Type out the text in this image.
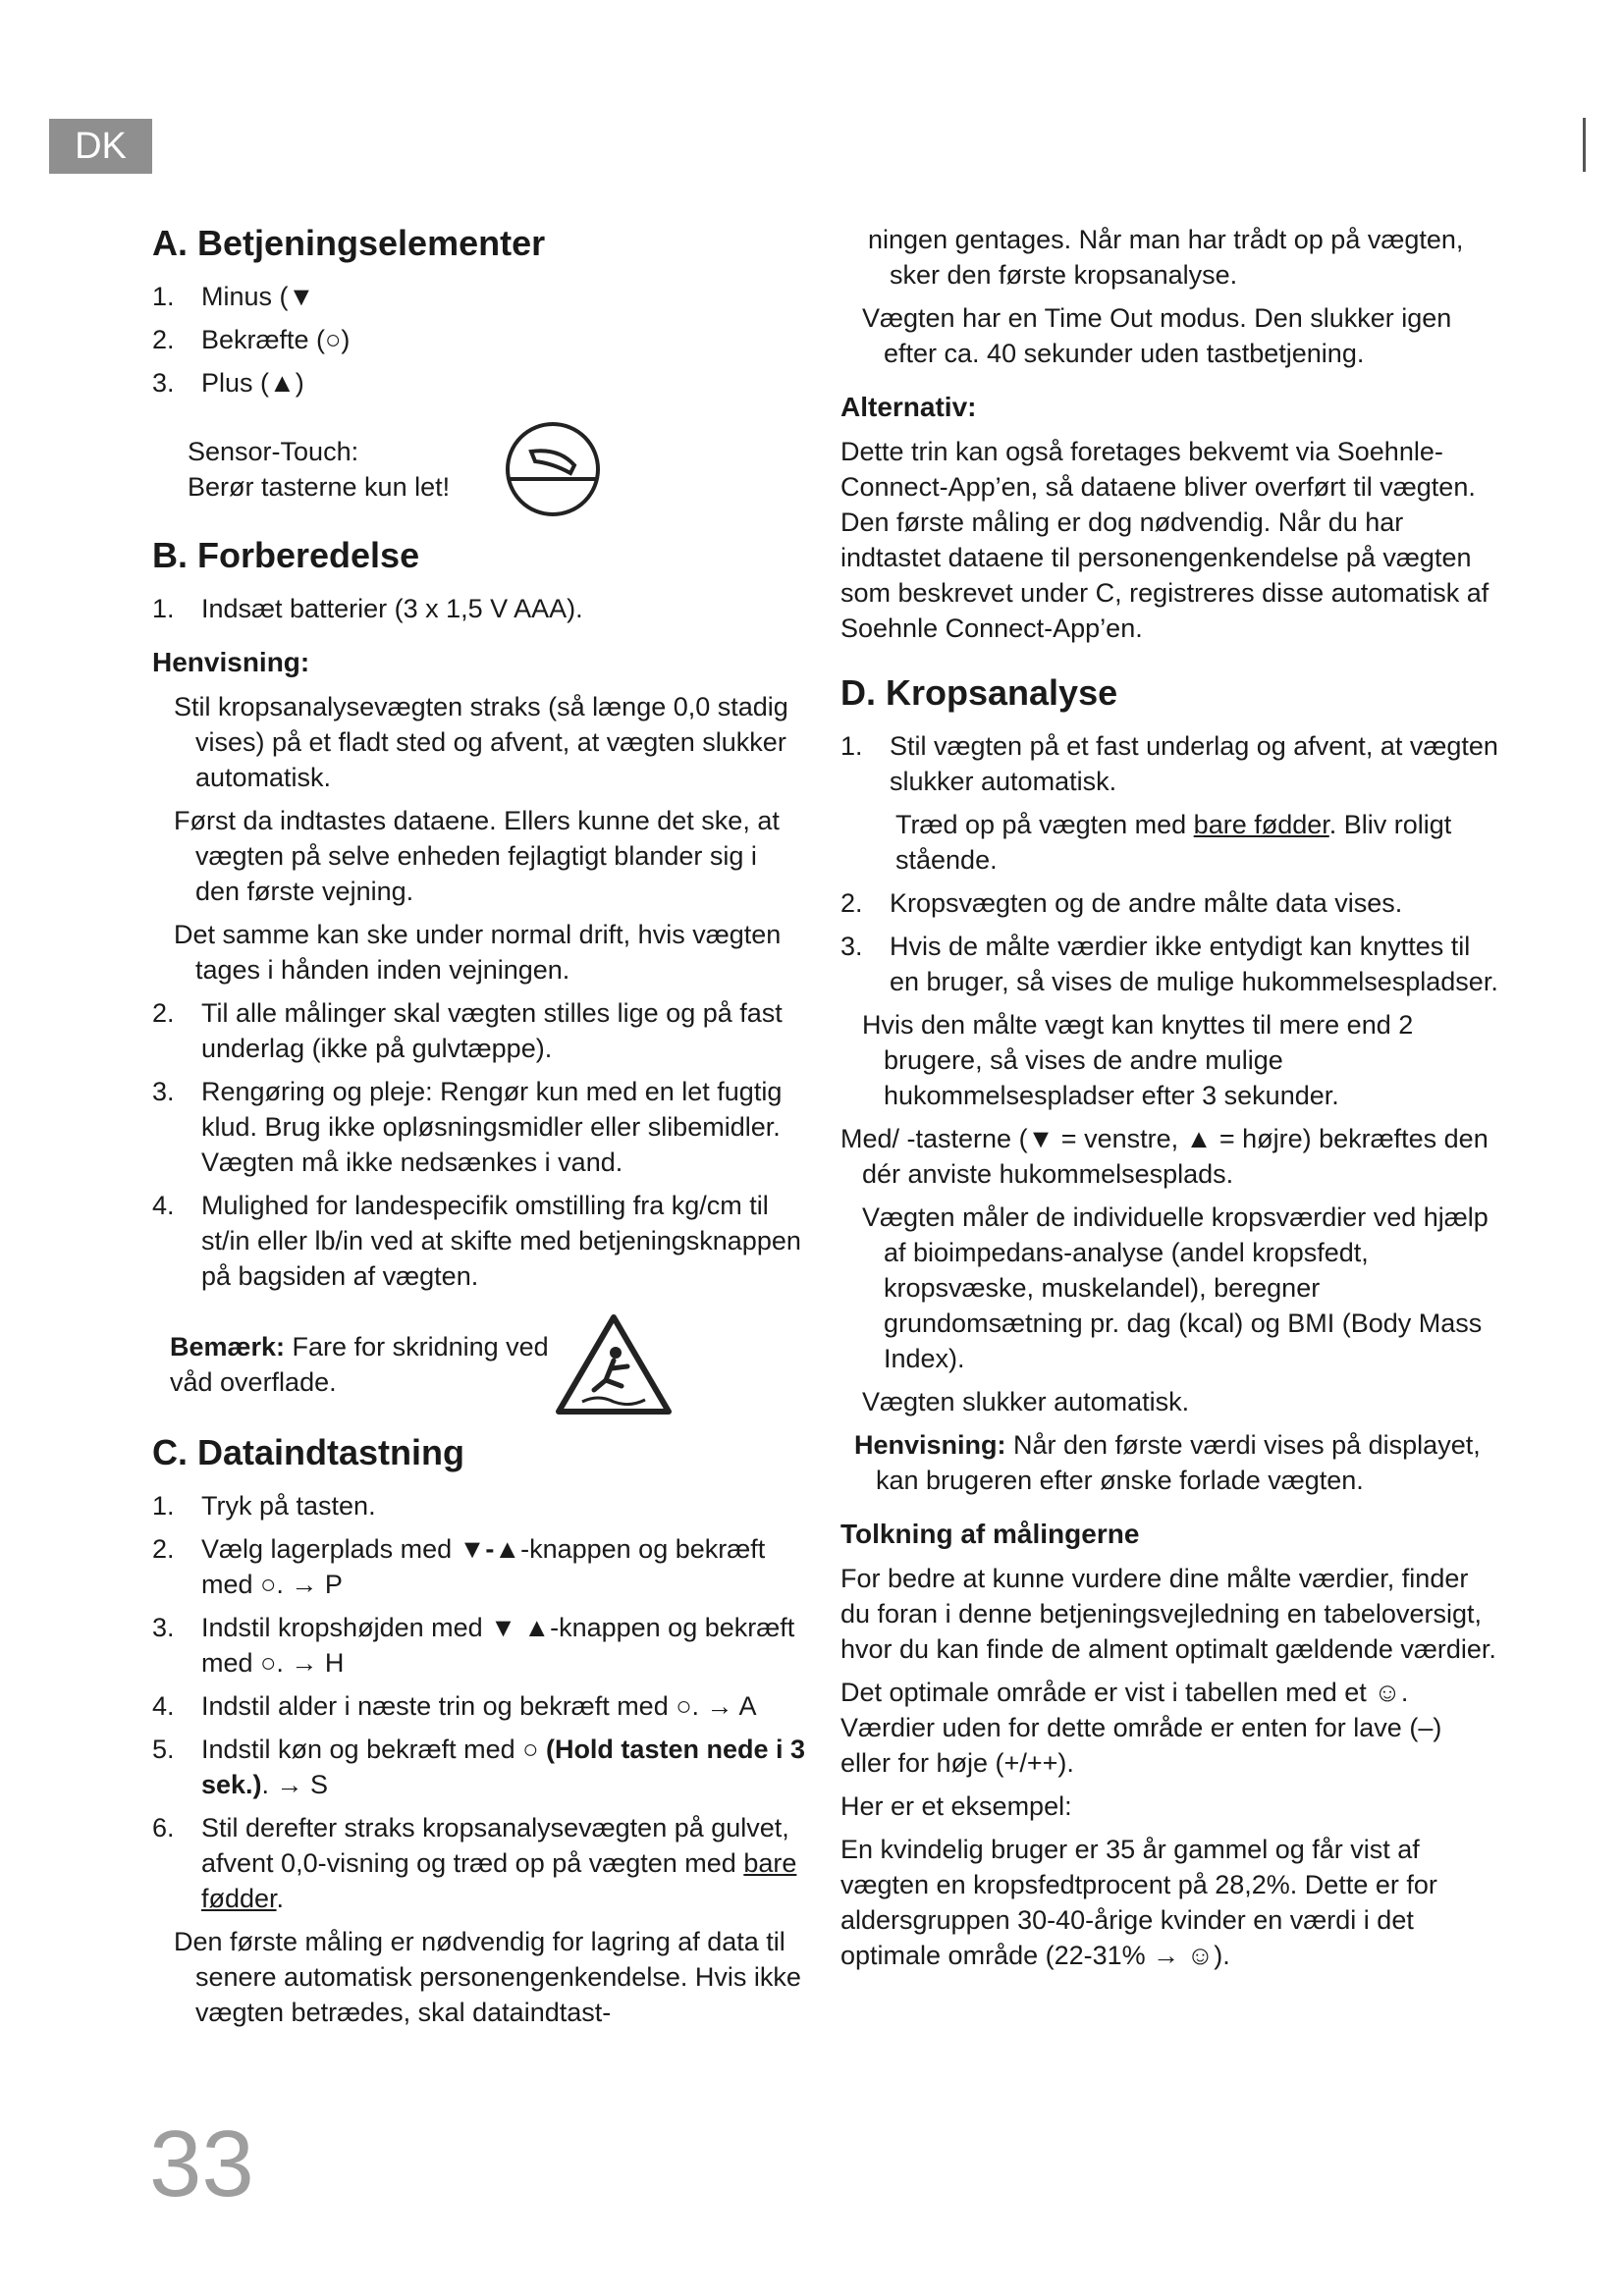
DK
A. Betjeningselementer
1.	Minus (▼
2.	Bekræfte (○)
3.	Plus (▲)

Sensor-Touch:

Berør tasterne kun let!

B. Forberedelse
1.	Indsæt batterier (3 x 1,5 V AAA).
Henvisning:

Stil kropsanalysevægten straks (så længe 0,0 stadig vises) på et fladt sted og afvent, at vægten slukker automatisk.

Først da indtastes dataene. Ellers kunne det ske, at vægten på selve enheden fejlagtigt blander sig i den første vejning.

Det samme kan ske under normal drift, hvis vægten tages i hånden inden vejningen.

2.	Til alle målinger skal vægten stilles lige og på fast underlag (ikke på gulvtæppe).
3.	Rengøring og pleje: Rengør kun med en let fugtig klud. Brug ikke opløsningsmidler eller slibemidler. Vægten må ikke nedsænkes i vand.
4.	Mulighed for landespecifik omstilling fra kg/cm til st/in eller lb/in ved at skifte med betjeningsknappen på bagsiden af vægten.
Bemærk: Fare for skridning ved våd overflade.
C. Dataindtastning
1.	Tryk på tasten.
2.	Vælg lagerplads med ▼-▲-knappen og bekræft med ○. → P
3.	Indstil kropshøjden med ▼ ▲-knappen og bekræft med ○. → H
4.	Indstil alder i næste trin og bekræft med ○. → A
5.	Indstil køn og bekræft med ○ (Hold tasten nede i 3 sek.). → S
6.	Stil derefter straks kropsanalysevægten på gulvet, afvent 0,0-visning og træd op på vægten med bare fødder.

Den første måling er nødvendig for lagring af data til senere automatisk personengenkendelse. Hvis ikke vægten betrædes, skal dataindtast-

ningen gentages. Når man har trådt op på vægten, sker den første kropsanalyse.

Vægten har en Time Out modus. Den slukker igen efter ca. 40 sekunder uden tastbetjening.

Alternativ:

Dette trin kan også foretages bekvemt via Soehnle-Connect-App’en, så dataene bliver overført til vægten. Den første måling er dog nødvendig. Når du har indtastet dataene til personengenkendelse på vægten som beskrevet under C, registreres disse automatisk af Soehnle Connect-App’en.

D. Kropsanalyse
1.	Stil vægten på et fast underlag og afvent, at vægten slukker automatisk.

Træd op på vægten med bare fødder. Bliv roligt stående.

2.	Kropsvægten og de andre målte data vises.
3.	Hvis de målte værdier ikke entydigt kan knyttes til en bruger, så vises de mulige hukommelsespladser.

Hvis den målte vægt kan knyttes til mere end 2 brugere, så vises de andre mulige hukommelsespladser efter 3 sekunder.

Med/ -tasterne (▼ = venstre, ▲ = højre) bekræftes den dér anviste hukommelsesplads.

Vægten måler de individuelle kropsværdier ved hjælp af bioimpedans-analyse (andel kropsfedt, kropsvæske, muskelandel), beregner grundomsætning pr. dag (kcal) og BMI (Body Mass Index).

Vægten slukker automatisk.

Henvisning: Når den første værdi vises på displayet, kan brugeren efter ønske forlade vægten.

Tolkning af målingerne

For bedre at kunne vurdere dine målte værdier, finder du foran i denne betjeningsvejledning en tabeloversigt, hvor du kan finde de alment optimalt gældende værdier.

Det optimale område er vist i tabellen med et ☺. Værdier uden for dette område er enten for lave (–) eller for høje (+/++).

Her er et eksempel:

En kvindelig bruger er 35 år gammel og får vist af vægten en kropsfedtprocent på 28,2%. Dette er for aldersgruppen 30-40-årige kvinder en værdi i det optimale område (22-31% → ☺).

33
